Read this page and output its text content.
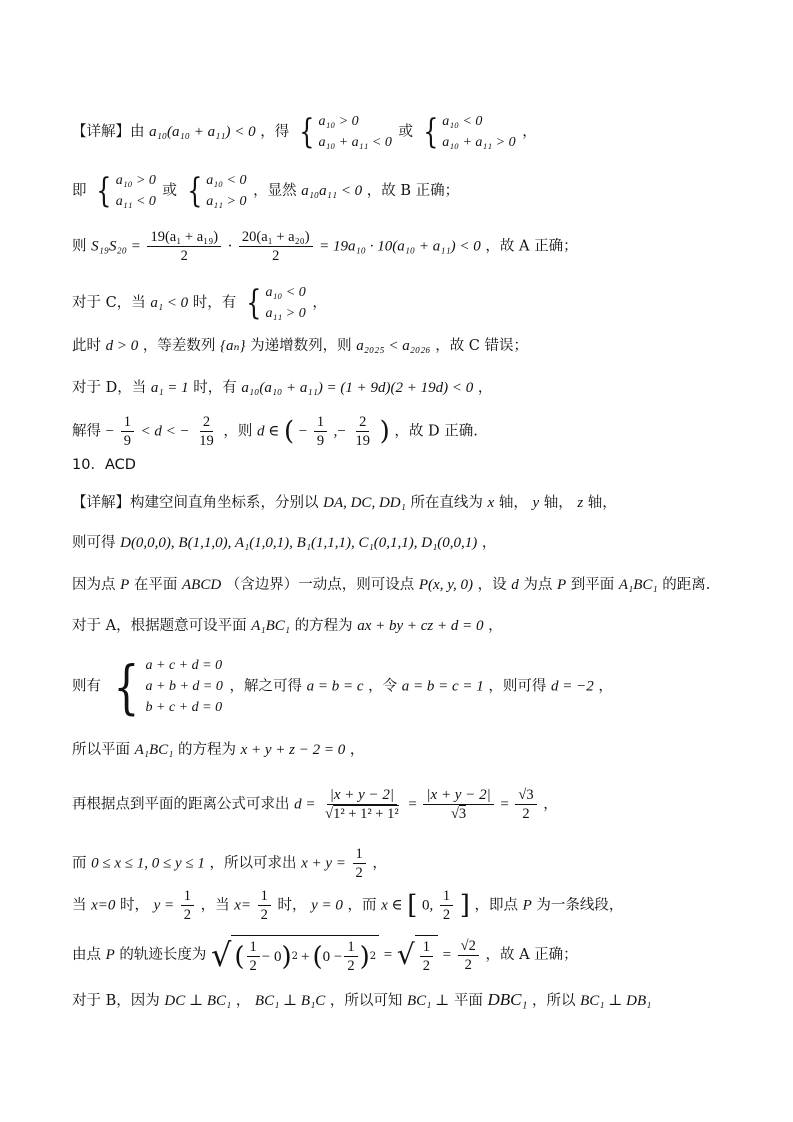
【详解】由 a₁₀(a₁₀ + a₁₁) < 0 ，得 { a₁₀ > 0
a₁₀ + a₁₁ < 0
或 { a₁₀ < 0
a₁₀ + a₁₁ > 0
，
即 { a₁₀ > 0
a₁₁ < 0
或 { a₁₀ < 0
a₁₁ > 0
，显然 a₁₀a₁₁ < 0 ，故 B 正确；
则 $S_{19}S_{20} = \frac{\text{19(a₁ + a₁₉)}}{2} \cdot \frac{\text{20(a₁ + a₂₀)}}{2} = 19a_{10} \cdot 10(a_{10} + a_{11}) < 0$ ，故 A 正确；
对于 C，当 a₁ < 0 时，有 { a₁₀ < 0
a₁₁ > 0
，
此时 d > 0 ，等差数列 {aₙ} 为递增数列，则 a₂₀₂₅ < a₂₀₂₆ ，故 C 错误；
对于 D，当 a₁ = 1 时，有 a₁₀(a₁₀ + a₁₁) = (1 + 9d)(2 + 19d) < 0 ，
解得 − $\frac{1}{9} < d$ < − $\frac{2}{19}$ ，则 d ∈ ( − $\frac{1}{9}$ ,− $\frac{2}{19}$ ) ，故 D 正确.
10．ACD
【详解】构建空间直角坐标系，分别以 DA, DC, DD₁ 所在直线为 x 轴， y 轴， z 轴，
则可得 D(0,0,0), B(1,1,0), A₁(1,0,1), B₁(1,1,1), C₁(0,1,1), D₁(0,0,1) ，
因为点 P 在平面 ABCD （含边界）一动点，则可设点 P(x, y, 0) ，设 d 为点 P 到平面 A₁BC₁ 的距离.
对于 A，根据题意可设平面 A₁BC₁ 的方程为 ax + by + cz + d = 0 ，
则有 { a + c + d = 0
a + b + d = 0
b + c + d = 0
，解之可得 a = b = c ，令 a = b = c = 1 ，则可得 d = −2 ，
所以平面 A₁BC₁ 的方程为 x + y + z − 2 = 0 ，
再根据点到平面的距离公式可求出 $d = \frac{|x + y - 2|}{\text{√1² + 1² + 1²}} = \frac{|x + y - 2|}{√3} = \frac{√3}{2}$ ，
而 0 ≤ x ≤ 1, 0 ≤ y ≤ 1 ，所以可求出 $x + y = \frac{1}{2}$ ，
当 x=0 时， $y = \frac{1}{2}$ ，当 $x= \frac{1}{2}$ 时， y = 0 ，而 x ∈ [ 0, $\frac{1}{2}$ ] ，即点 P 为一条线段，
由点 P 的轨迹长度为 √ ( $\frac{1}{2} - 0$ ) 2 + ( $0 - \frac{1}{2}$ ) 2 = √ $\frac{1}{2} = \frac{√2}{2}$ ，故 A 正确；
对于 B，因为 DC ⊥ BC₁ ， BC₁ ⊥ B₁C ，所以可知 BC₁ ⊥ 平面 DBC₁ ，所以 BC₁ ⊥ DB₁
